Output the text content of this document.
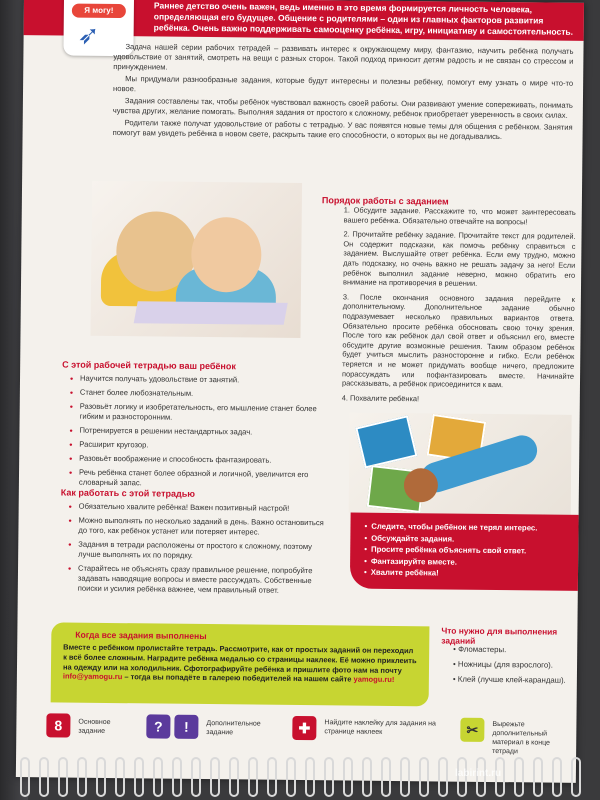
Раннее детство очень важен, ведь именно в это время формируется личность человека, определяющая его будущее. Общение с родителями – один из главных факторов развития ребёнка. Очень важно поддерживать самооценку ребёнка, игру, инициативу и самостоятельность.

Я могу!
➶	Задача нашей серии рабочих тетрадей – развивать интерес к окружающему миру, фантазию, научить ребёнка получать удовольствие от занятий, смотреть на вещи с разных сторон. Такой подход приносит детям радость и не связан со стрессом и принуждением.

Мы придумали разнообразные задания, которые будут интересны и полезны ребёнку, помогут ему узнать о мире что-то новое.

Задания составлены так, чтобы ребёнок чувствовал важность своей работы. Они развивают умение сопереживать, понимать чувства других, желание помогать. Выполняя задания от простого к сложному, ребёнок приобретает уверенность в своих силах.

Родители также получат удовольствие от работы с тетрадью. У вас появятся новые темы для общения с ребёнком. Занятия помогут вам увидеть ребёнка в новом свете, раскрыть такие его способности, о которых вы не догадывались.

Порядок работы с заданием
1. Обсудите задание. Расскажите то, что может заинтересовать вашего ребёнка. Обязательно отвечайте на вопросы!
2. Прочитайте ребёнку задание. Прочитайте текст для родителей. Он содержит подсказки, как помочь ребёнку справиться с заданием. Выслушайте ответ ребёнка. Если ему трудно, можно дать подсказку, но очень важно не решать задачу за него! Если ребёнок выполнил задание неверно, можно обратить его внимание на противоречия в решении.
3. После окончания основного задания перейдите к дополнительному. Дополнительное задание обычно подразумевает несколько правильных вариантов ответа. Обязательно просите ребёнка обосновать свою точку зрения. После того как ребёнок дал свой ответ и объяснил его, вместе обсудите другие возможные решения. Таким образом ребёнок будет учиться мыслить разносторонне и гибко. Если ребёнок теряется и не может придумать вообще ничего, предложите порассуждать или пофантазировать вместе. Начинайте рассказывать, а ребёнок присоединится к вам.
4. Похвалите ребёнка!
С этой рабочей тетрадью ваш ребёнок
• Научится получать удовольствие от занятий.
• Станет более любознательным.
• Разовьёт логику и изобретательность, его мышление станет более гибким и разносторонним.
• Потренируется в решении нестандартных задач.
• Расширит кругозор.
• Разовьёт воображение и способность фантазировать.
• Речь ребёнка станет более образной и логичной, увеличится его словарный запас.
Как работать с этой тетрадью
• Обязательно хвалите ребёнка! Важен позитивный настрой!
• Можно выполнять по несколько заданий в день. Важно остановиться до того, как ребёнок устанет или потеряет интерес.
• Задания в тетради расположены от простого к сложному, поэтому лучше выполнять их по порядку.
• Старайтесь не объяснять сразу правильное решение, попробуйте задавать наводящие вопросы и вместе рассуждать. Собственные поиски и усилия ребёнка важнее, чем правильный ответ.
• Следите, чтобы ребёнок не терял интерес.
• Обсуждайте задания.
• Просите ребёнка объяснять свой ответ.
• Фантазируйте вместе.
• Хвалите ребёнка!
Когда все задания выполнены
Вместе с ребёнком пролистайте тетрадь. Рассмотрите, как от простых заданий он переходил к всё более сложным. Наградите ребёнка медалью со страницы наклеек. Её можно приклеить на одежду или на холодильник. Сфотографируйте ребёнка и пришлите фото нам на почту info@yamogu.ru – тогда вы попадёте в галерею победителей на нашем сайте yamogu.ru!
Что нужно для выполнения заданий
• Фломастеры.
• Ножницы (для взрослого).
• Клей (лучше клей-карандаш).
8	Основное задание	?	!	Дополнительное задание	✚	Найдите наклейку для задания на странице наклеек	✂	Вырежьте дополнительный материал в конце тетради
labirint.ru
